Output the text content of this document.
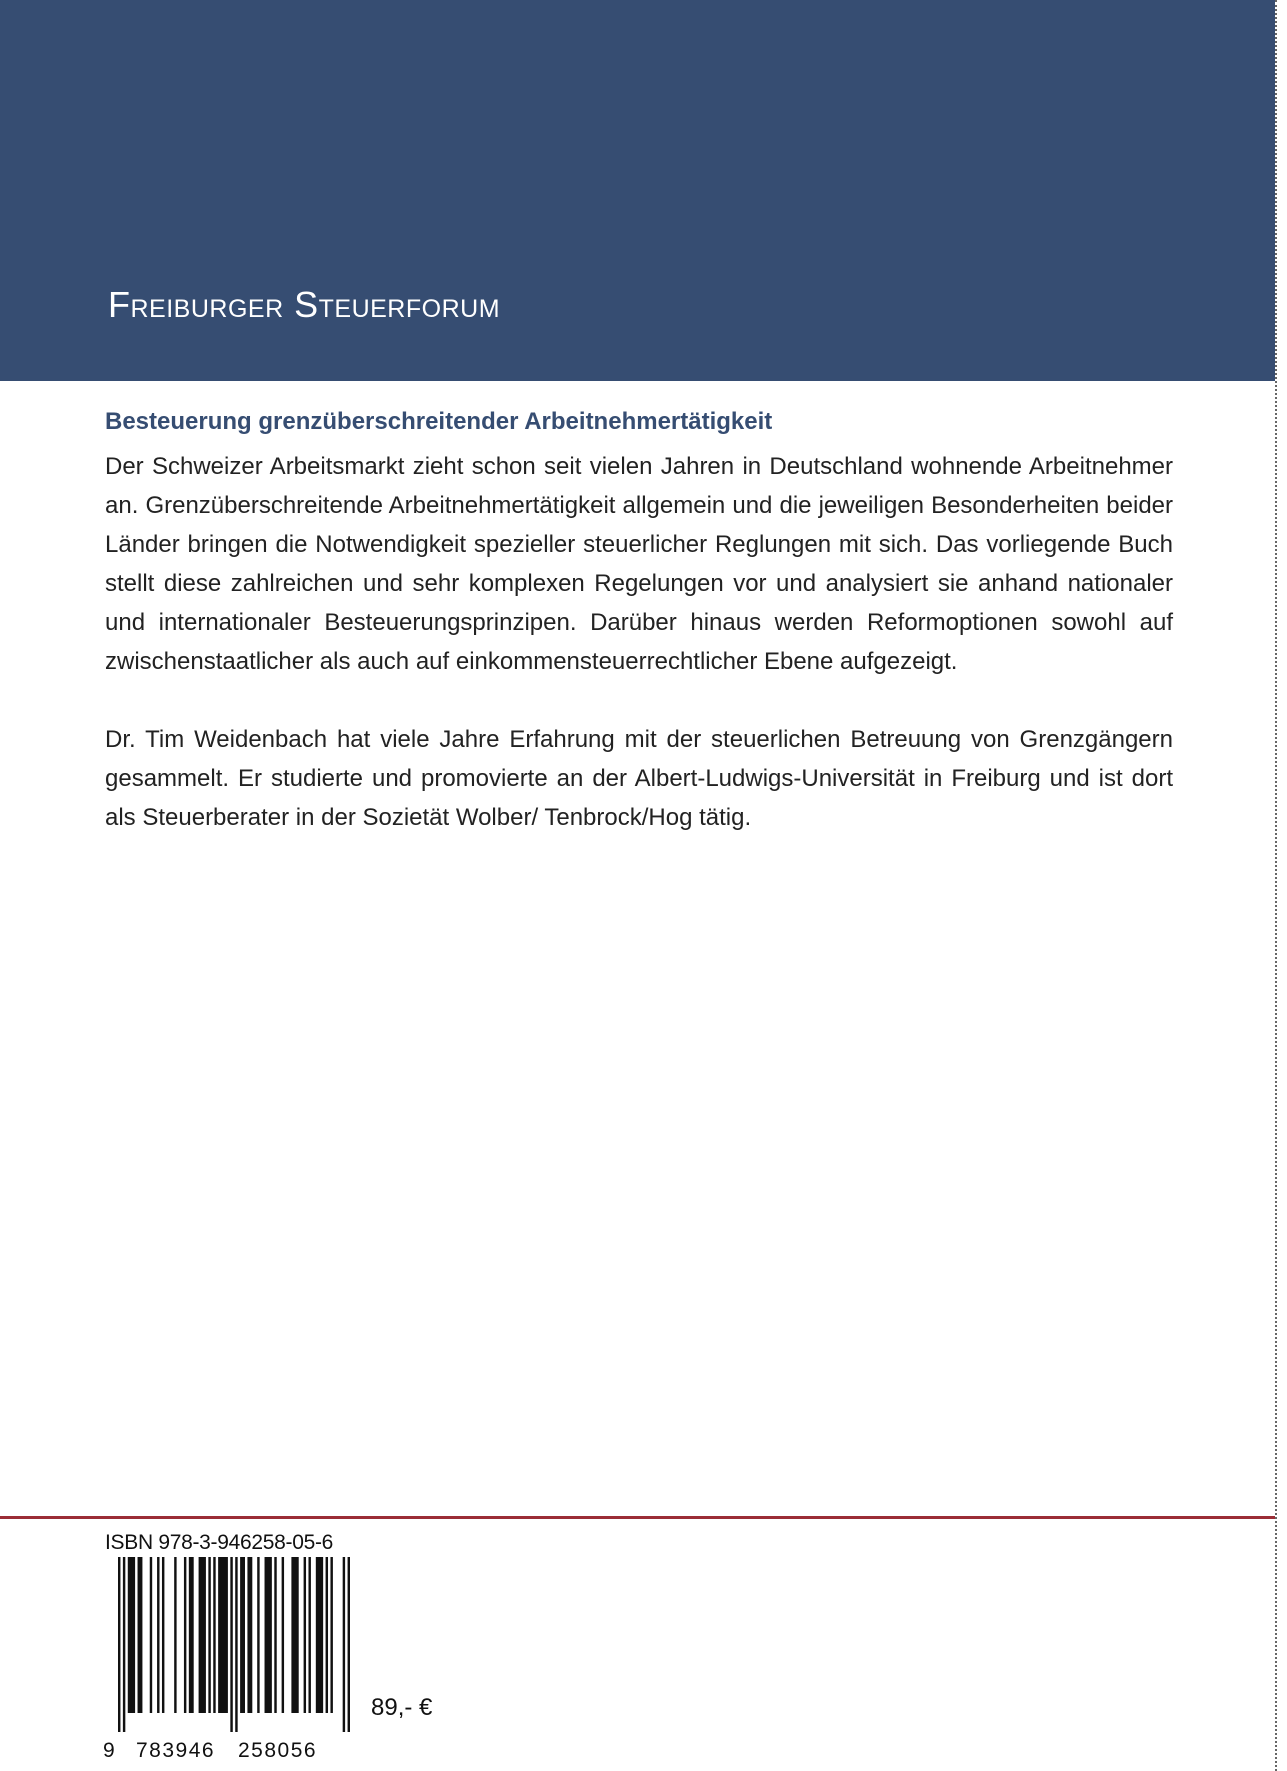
Freiburger Steuerforum
Besteuerung grenzüberschreitender Arbeitnehmertätigkeit

Der Schweizer Arbeitsmarkt zieht schon seit vielen Jahren in Deutschland wohnende Arbeitnehmer an. Grenzüberschreitende Arbeitnehmertätigkeit allgemein und die jeweiligen Besonderheiten beider Länder bringen die Notwendigkeit spezieller steuerlicher Reglungen mit sich. Das vorliegende Buch stellt diese zahlreichen und sehr komplexen Regelungen vor und analysiert sie anhand nationaler und internationaler Besteuerungsprinzipen. Darüber hinaus werden Reformoptionen sowohl auf zwischenstaatlicher als auch auf einkommensteuerrechtlicher Ebene aufgezeigt.

Dr. Tim Weidenbach hat viele Jahre Erfahrung mit der steuerlichen Betreuung von Grenzgängern gesammelt. Er studierte und promovierte an der Albert-Ludwigs-Universität in Freiburg und ist dort als Steuerberater in der Sozietät Wolber/ Tenbrock/Hog tätig.

ISBN 978-3-946258-05-6
9 783946 258056
89,- €
